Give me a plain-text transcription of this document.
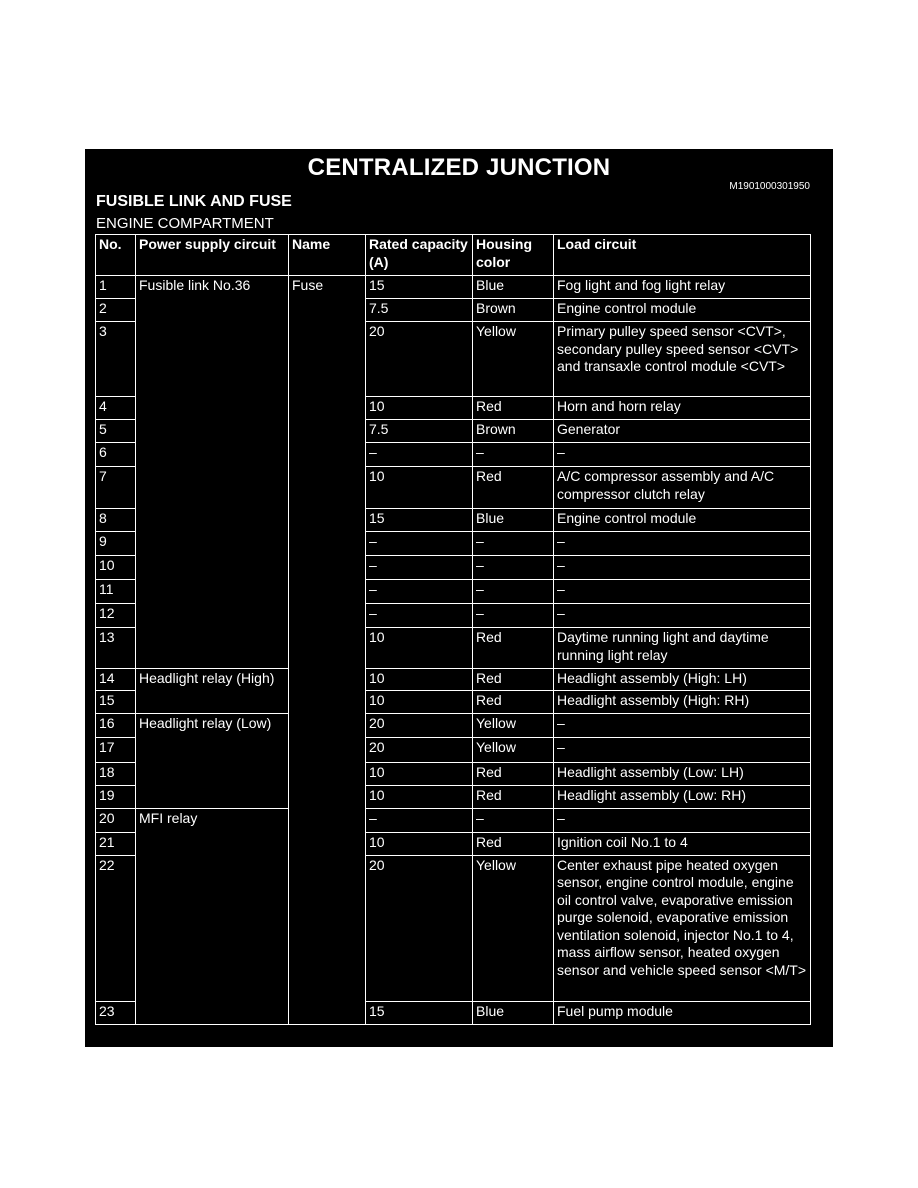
CENTRALIZED JUNCTION
M1901000301950
FUSIBLE LINK AND FUSE
ENGINE COMPARTMENT
No.	Power supply circuit	Name	Rated capacity (A)	Housing color	Load circuit
1	Fusible link No.36	Fuse	15	Blue	Fog light and fog light relay
2			7.5	Brown	Engine control module
3			20	Yellow	Primary pulley speed sensor <CVT>, secondary pulley speed sensor <CVT> and transaxle control module <CVT>
4			10	Red	Horn and horn relay
5			7.5	Brown	Generator
6			–	–	–
7			10	Red	A/C compressor assembly and A/C compressor clutch relay
8			15	Blue	Engine control module
9			–	–	–
10			–	–	–
11			–	–	–
12			–	–	–
13			10	Red	Daytime running light and daytime running light relay
14	Headlight relay (High)		10	Red	Headlight assembly (High: LH)
15			10	Red	Headlight assembly (High: RH)
16	Headlight relay (Low)		20	Yellow	–
17			20	Yellow	–
18			10	Red	Headlight assembly (Low: LH)
19			10	Red	Headlight assembly (Low: RH)
20	MFI relay		–	–	–
21			10	Red	Ignition coil No.1 to 4
22			20	Yellow	Center exhaust pipe heated oxygen sensor, engine control module, engine oil control valve, evaporative emission purge solenoid, evaporative emission ventilation solenoid, injector No.1 to 4, mass airflow sensor, heated oxygen sensor and vehicle speed sensor <M/T>
23			15	Blue	Fuel pump module
